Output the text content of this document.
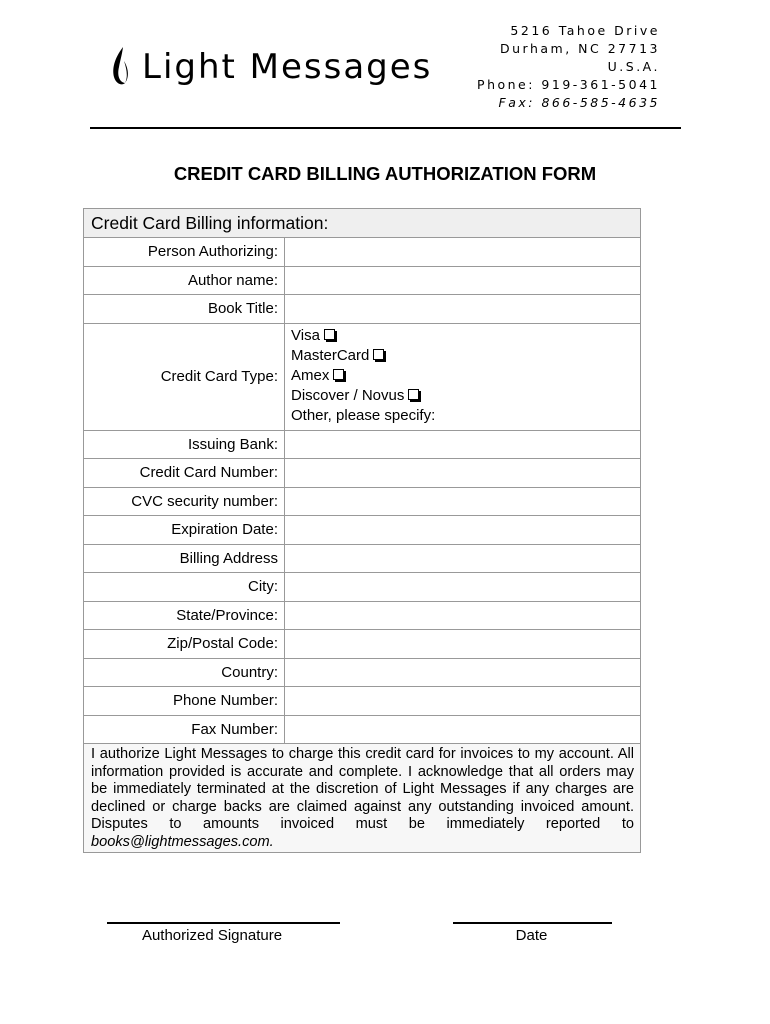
Light Messages
5216 Tahoe Drive
Durham, NC 27713
U.S.A.
Phone: 919-361-5041
Fax: 866-585-4635
CREDIT CARD BILLING AUTHORIZATION FORM
Credit Card Billing information:	
Person Authorizing:	
Author name:	
Book Title:	
Credit Card Type:	Visa
MasterCard
Amex
Discover / Novus
Other, please specify:

Issuing Bank:	
Credit Card Number:	
CVC security number:	
Expiration Date:	
Billing Address	
City:	
State/Province:	
Zip/Postal Code:	
Country:	
Phone Number:	
Fax Number:	
I authorize Light Messages to charge this credit card for invoices to my account. All information provided is accurate and complete. I acknowledge that all orders may be immediately terminated at the discretion of Light Messages if any charges are declined or charge backs are claimed against any outstanding invoiced amount. Disputes to amounts invoiced must be immediately reported to books@lightmessages.com.	
Authorized Signature	Date
